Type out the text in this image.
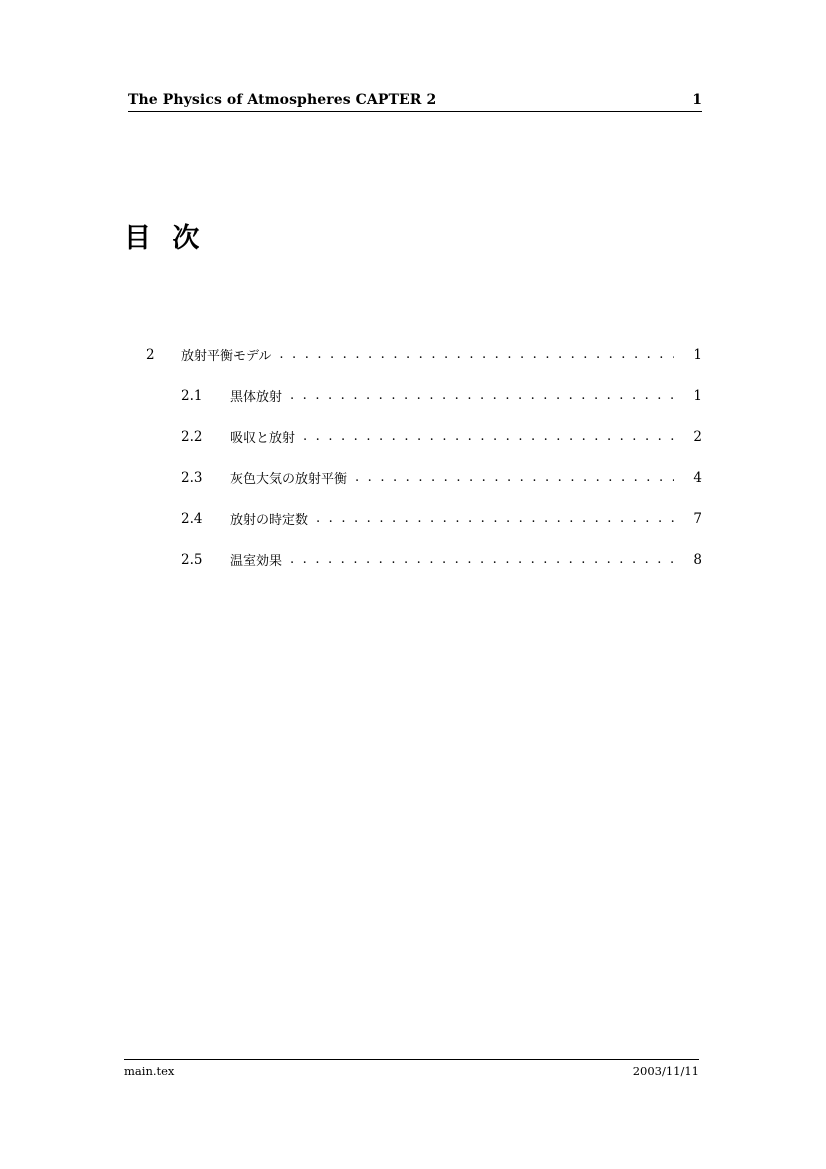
The Physics of Atmospheres CAPTER 2	1
目 次
2	放射平衡モデル . . .	1
2.1	黒体放射 . . .	1
2.2	吸収と放射 . . .	2
2.3	灰色大気の放射平衡 . . .	4
2.4	放射の時定数 . . .	7
2.5	温室効果 . . .	8
main.tex	2003/11/11
